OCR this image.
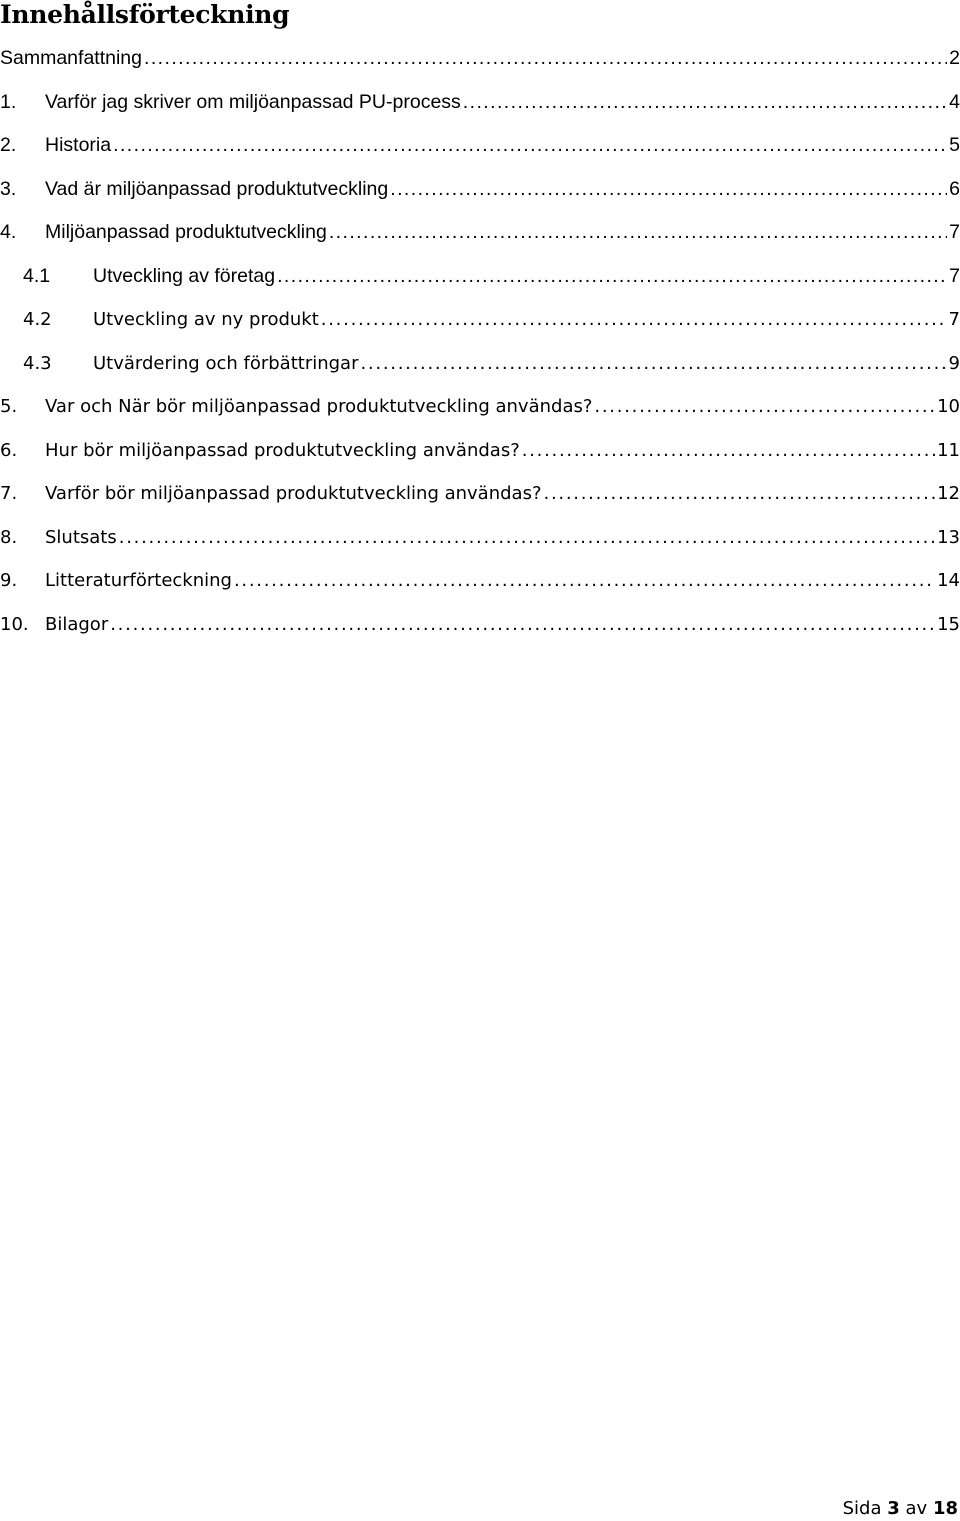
Innehållsförteckning
Sammanfattning . . .	2
1.	Varför jag skriver om miljöanpassad PU-process . . .	4
2.	Historia . . .	5
3.	Vad är miljöanpassad produktutveckling . . .	6
4.	Miljöanpassad produktutveckling . . .	7
4.1	Utveckling av företag . . .	7
4.2	Utveckling av ny produkt . . .	7
4.3	Utvärdering och förbättringar . . .	9
5.	Var och När bör miljöanpassad produktutveckling användas? . . .	10
6.	Hur bör miljöanpassad produktutveckling användas? . . .	11
7.	Varför bör miljöanpassad produktutveckling användas? . . .	12
8.	Slutsats . . .	13
9.	Litteraturförteckning . . .	14
10. Bilagor . . .	15
Sida 3 av 18
